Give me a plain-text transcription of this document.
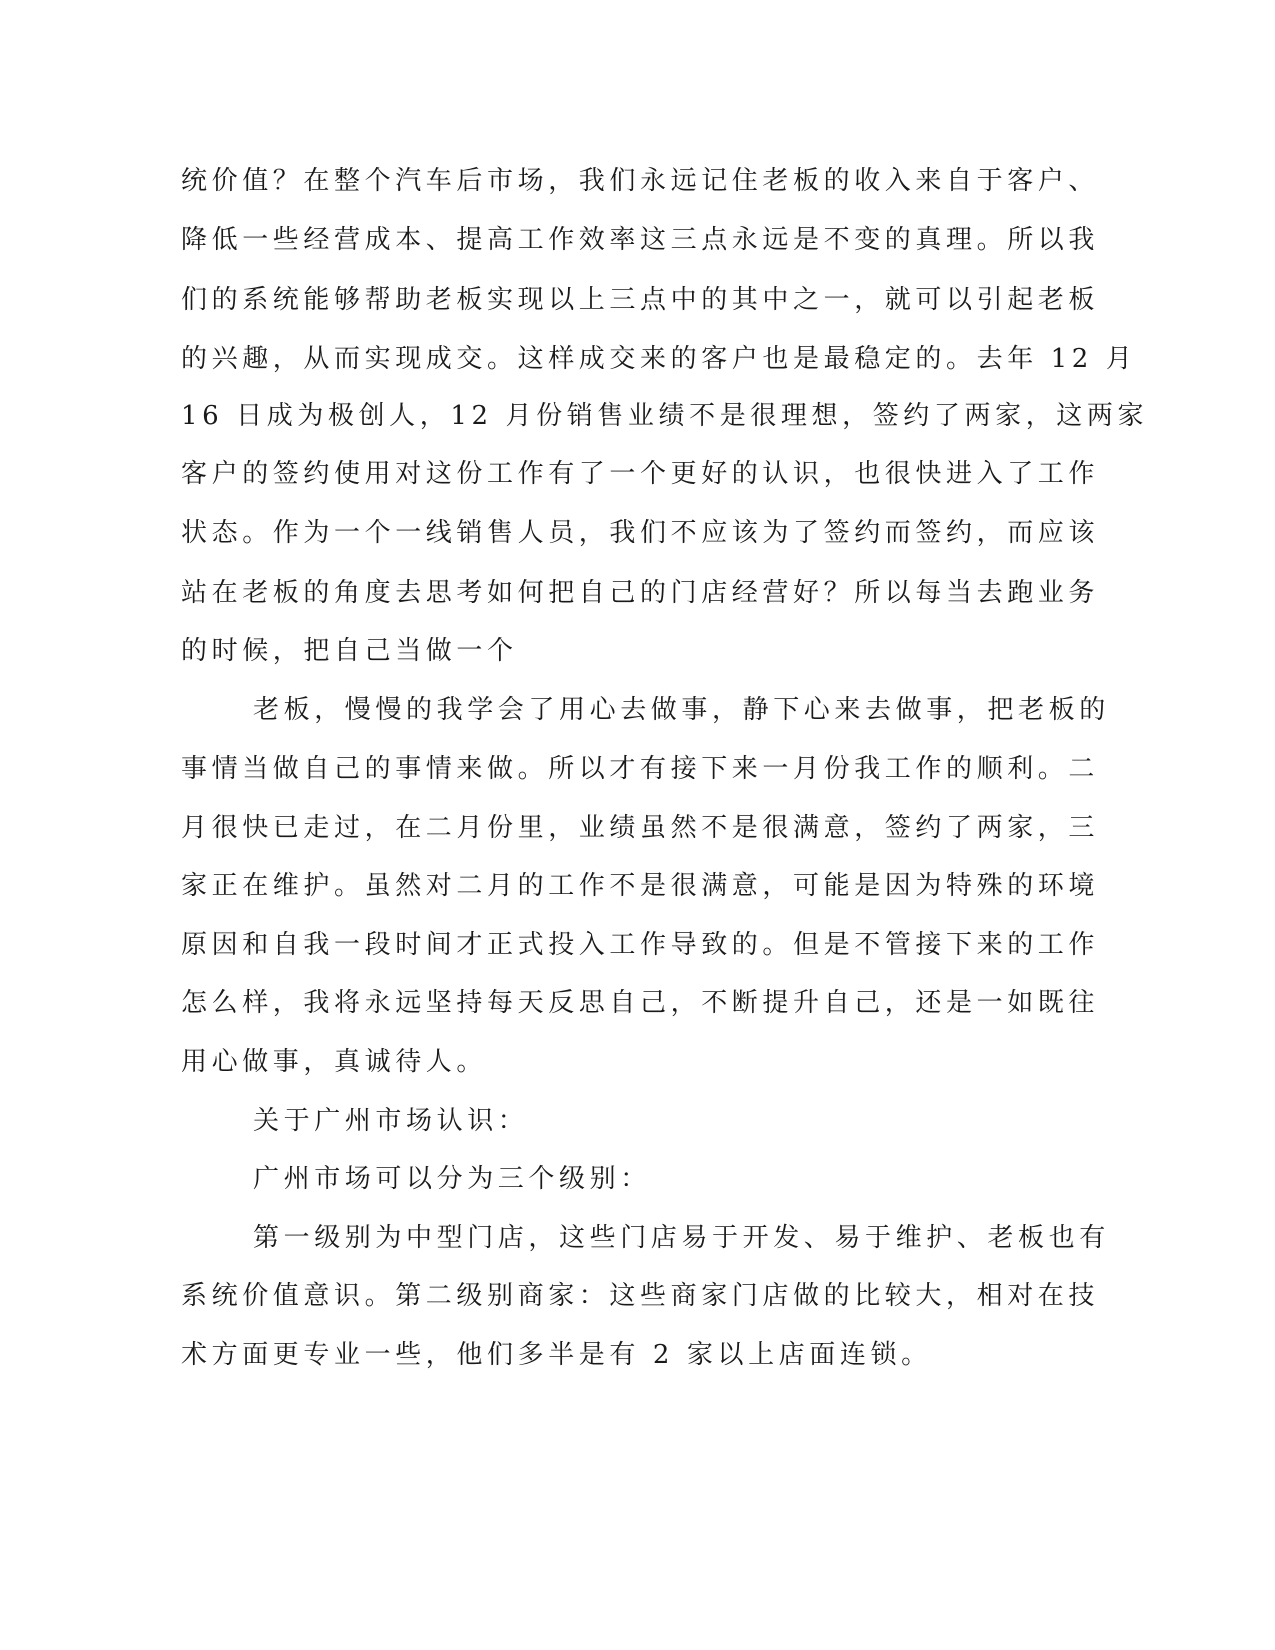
统价值？在整个汽车后市场，我们永远记住老板的收入来自于客户、
降低一些经营成本、提高工作效率这三点永远是不变的真理。所以我
们的系统能够帮助老板实现以上三点中的其中之一，就可以引起老板
的兴趣，从而实现成交。这样成交来的客户也是最稳定的。去年 12 月
16 日成为极创人，12 月份销售业绩不是很理想，签约了两家，这两家
客户的签约使用对这份工作有了一个更好的认识，也很快进入了工作
状态。作为一个一线销售人员，我们不应该为了签约而签约，而应该
站在老板的角度去思考如何把自己的门店经营好？所以每当去跑业务
的时候，把自己当做一个
老板，慢慢的我学会了用心去做事，静下心来去做事，把老板的
事情当做自己的事情来做。所以才有接下来一月份我工作的顺利。二
月很快已走过，在二月份里，业绩虽然不是很满意，签约了两家，三
家正在维护。虽然对二月的工作不是很满意，可能是因为特殊的环境
原因和自我一段时间才正式投入工作导致的。但是不管接下来的工作
怎么样，我将永远坚持每天反思自己，不断提升自己，还是一如既往
用心做事，真诚待人。
关于广州市场认识：
广州市场可以分为三个级别：
第一级别为中型门店，这些门店易于开发、易于维护、老板也有
系统价值意识。第二级别商家：这些商家门店做的比较大，相对在技
术方面更专业一些，他们多半是有 2 家以上店面连锁。
